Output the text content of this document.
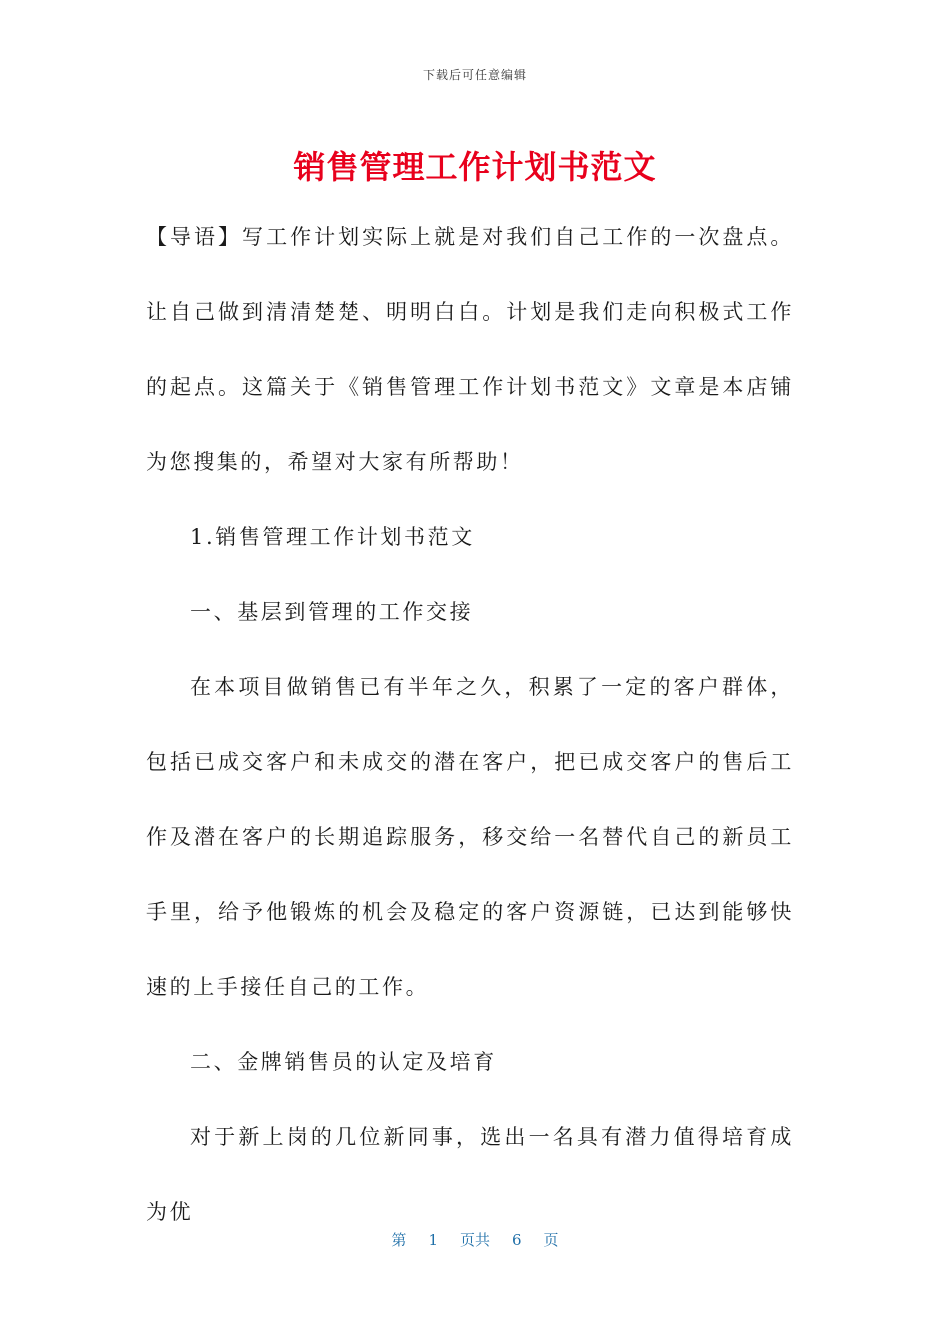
下载后可任意编辑
销售管理工作计划书范文

【导语】写工作计划实际上就是对我们自己工作的一次盘点。让自己做到清清楚楚、明明白白。计划是我们走向积极式工作的起点。这篇关于《销售管理工作计划书范文》文章是本店铺为您搜集的，希望对大家有所帮助！

1.销售管理工作计划书范文

一、基层到管理的工作交接

在本项目做销售已有半年之久，积累了一定的客户群体，包括已成交客户和未成交的潜在客户，把已成交客户的售后工作及潜在客户的长期追踪服务，移交给一名替代自己的新员工手里，给予他锻炼的机会及稳定的客户资源链，已达到能够快速的上手接任自己的工作。

二、金牌销售员的认定及培育

对于新上岗的几位新同事，选出一名具有潜力值得培育成为优

第 1 页共 6 页
